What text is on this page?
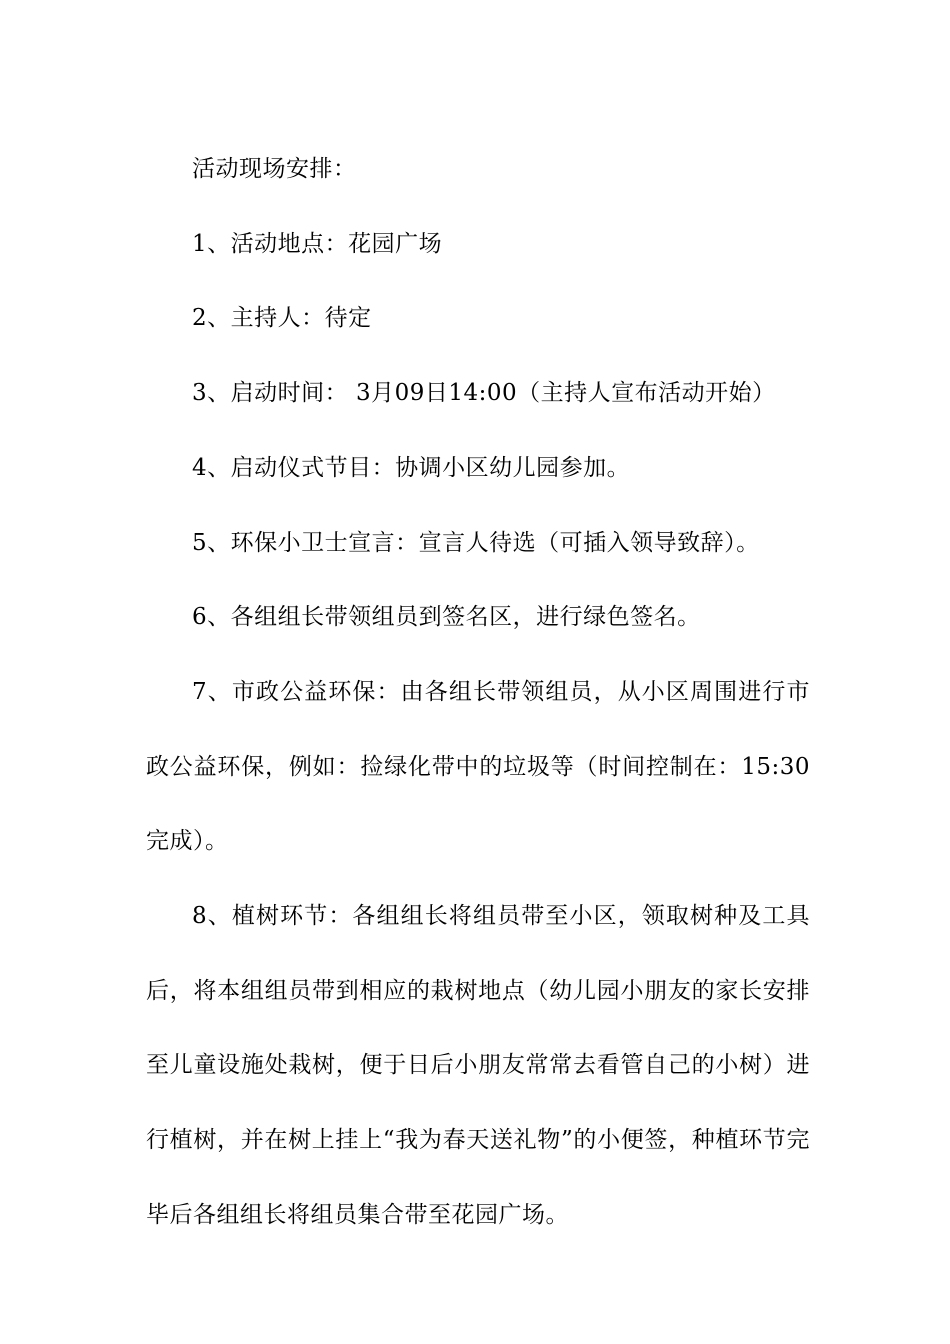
活动现场安排：

1、活动地点：花园广场

2、主持人：待定

3、启动时间： 3月09日14:00（主持人宣布活动开始）

4、启动仪式节目：协调小区幼儿园参加。

5、环保小卫士宣言：宣言人待选（可插入领导致辞）。

6、各组组长带领组员到签名区，进行绿色签名。

7、市政公益环保：由各组长带领组员，从小区周围进行市政公益环保，例如：捡绿化带中的垃圾等（时间控制在：15:30完成）。

8、植树环节：各组组长将组员带至小区，领取树种及工具后，将本组组员带到相应的栽树地点（幼儿园小朋友的家长安排至儿童设施处栽树，便于日后小朋友常常去看管自己的小树）进行植树，并在树上挂上“我为春天送礼物”的小便签，种植环节完毕后各组组长将组员集合带至花园广场。
